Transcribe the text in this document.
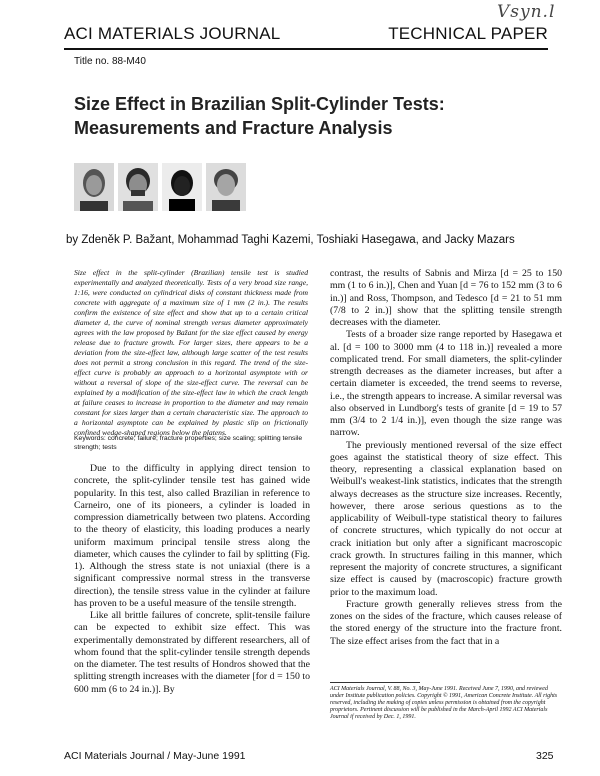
Vsyn.l
ACI MATERIALS JOURNAL	TECHNICAL PAPER
Title no. 88-M40
Size Effect in Brazilian Split-Cylinder Tests: Measurements and Fracture Analysis
by Zdeněk P. Bažant, Mohammad Taghi Kazemi, Toshiaki Hasegawa, and Jacky Mazars
Size effect in the split-cylinder (Brazilian) tensile test is studied experimentally and analyzed theoretically. Tests of a very broad size range, 1:16, were conducted on cylindrical disks of constant thickness made from concrete with aggregate of a maximum size of 1 mm (2 in.). The results confirm the existence of size effect and show that up to a certain critical diameter d, the curve of nominal strength versus diameter approximately agrees with the law proposed by Bažant for the size effect caused by energy release due to fracture growth. For larger sizes, there appears to be a deviation from the size-effect law, although large scatter of the test results does not permit a strong conclusion in this regard. The trend of the size-effect curve is probably an approach to a horizontal asymptote with or without a reversal of slope of the size-effect curve. The reversal can be explained by a modification of the size-effect law in which the crack length at failure ceases to increase in proportion to the diameter and may remain constant for sizes larger than a certain characteristic size. The approach to a horizontal asymptote can be explained by plastic slip on frictionally confined wedge-shaped regions below the platens.
Keywords: concrete; failure; fracture properties; size scaling; splitting tensile strength; tests

Due to the difficulty in applying direct tension to concrete, the split-cylinder tensile test has gained wide popularity. In this test, also called Brazilian in reference to Carneiro, one of its pioneers, a cylinder is loaded in compression diametrically between two platens. According to the theory of elasticity, this loading produces a nearly uniform maximum principal tensile stress along the diameter, which causes the cylinder to fail by splitting (Fig. 1). Although the stress state is not uniaxial (there is a significant compressive normal stress in the transverse direction), the tensile stress value in the cylinder at failure has proven to be a useful measure of the tensile strength.

Like all brittle failures of concrete, split-tensile failure can be expected to exhibit size effect. This was experimentally demonstrated by different researchers, all of whom found that the split-cylinder tensile strength depends on the diameter. The test results of Hondros showed that the splitting strength increases with the diameter [for d = 150 to 600 mm (6 to 24 in.)]. By

contrast, the results of Sabnis and Mirza [d = 25 to 150 mm (1 to 6 in.)], Chen and Yuan [d = 76 to 152 mm (3 to 6 in.)] and Ross, Thompson, and Tedesco [d = 21 to 51 mm (7/8 to 2 in.)] show that the splitting tensile strength decreases with the diameter.

Tests of a broader size range reported by Hasegawa et al. [d = 100 to 3000 mm (4 to 118 in.)] revealed a more complicated trend. For small diameters, the split-cylinder strength decreases as the diameter increases, but after a certain diameter is exceeded, the trend seems to reverse, i.e., the strength appears to increase. A similar reversal was also observed in Lundborg's tests of granite [d = 19 to 57 mm (3/4 to 2 1/4 in.)], even though the size range was narrow.

The previously mentioned reversal of the size effect goes against the statistical theory of size effect. This theory, representing a classical explanation based on Weibull's weakest-link statistics, indicates that the strength always decreases as the structure size increases. Recently, however, there arose serious questions as to the applicability of Weibull-type statistical theory to failures of concrete structures, which typically do not occur at crack initiation but only after a significant macroscopic crack growth. In structures failing in this manner, which represent the majority of concrete structures, a significant size effect is caused by (macroscopic) fracture growth prior to the maximum load.

Fracture growth generally relieves stress from the zones on the sides of the fracture, which causes release of the stored energy of the structure into the fracture front. The size effect arises from the fact that in a

ACI Materials Journal, V. 88, No. 3, May-June 1991. Received June 7, 1990, and reviewed under Institute publication policies. Copyright © 1991, American Concrete Institute. All rights reserved, including the making of copies unless permission is obtained from the copyright proprietors. Pertinent discussion will be published in the March-April 1992 ACI Materials Journal if received by Dec. 1, 1991.
ACI Materials Journal / May-June 1991	325
